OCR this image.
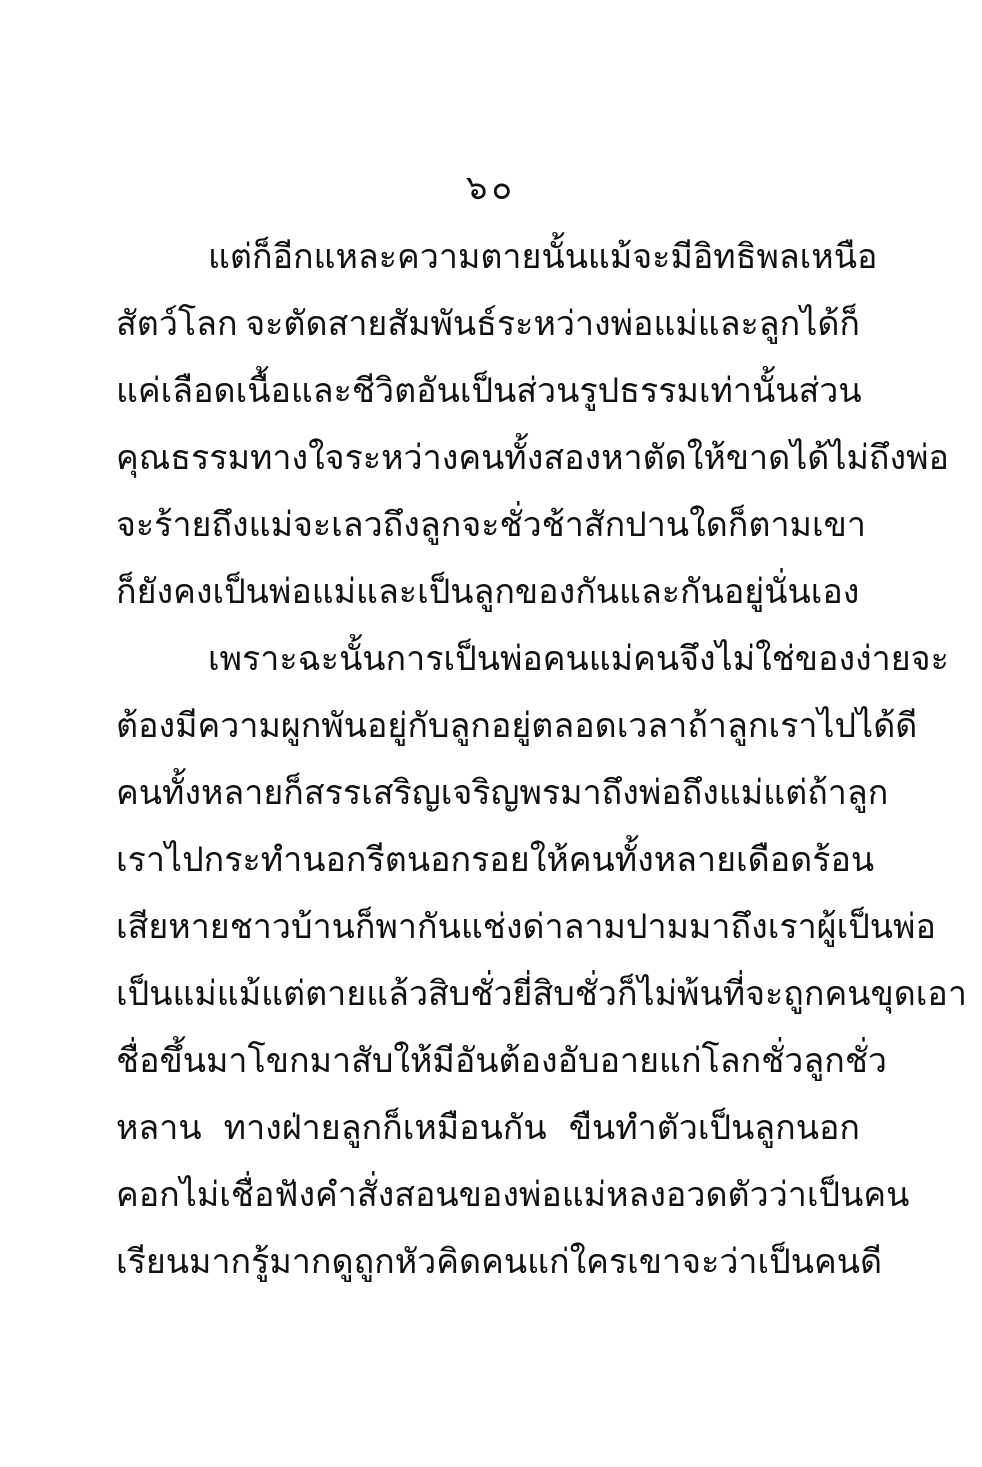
๖๐
แต่ก็อีกแหละ ความตายนั้นแม้จะมีอิทธิพลเหนือ
สัตว์โลก จะตัดสายสัมพันธ์ระหว่างพ่อแม่และลูกได้ก็
แค่เลือดเนื้อและชีวิต อันเป็นส่วนรูปธรรมเท่านั้น ส่วน
คุณธรรมทางใจระหว่างคนทั้งสองหาตัดให้ขาดได้ไม่ ถึงพ่อ
จะร้าย ถึงแม่จะเลว ถึงลูกจะชั่วช้าสักปานใดก็ตาม เขา
ก็ยังคงเป็นพ่อแม่และเป็นลูกของกันและกันอยู่นั่นเอง
เพราะฉะนั้นการเป็นพ่อคนแม่คนจึงไม่ใช่ของง่าย จะ
ต้องมีความผูกพันอยู่กับลูกอยู่ตลอดเวลา ถ้าลูกเราไปได้ดี
คนทั้งหลายก็สรรเสริญเจริญพรมาถึงพ่อถึงแม่ แต่ถ้าลูก
เราไปกระทำนอกรีตนอกรอย ให้คนทั้งหลายเดือดร้อน
เสียหาย ชาวบ้านก็พากันแช่งด่าลามปามมาถึงเราผู้เป็นพ่อ
เป็นแม่ แม้แต่ตายแล้วสิบชั่วยี่สิบชั่วก็ไม่พ้นที่จะถูกคนขุดเอา
ชื่อขึ้นมาโขกมาสับ ให้มีอันต้องอับอายแก่โลกชั่วลูกชั่ว
หลาน ทางฝ่ายลูกก็เหมือนกัน ขืนทำตัวเป็นลูกนอก
คอก ไม่เชื่อฟังคำสั่งสอนของพ่อแม่ หลงอวดตัวว่าเป็นคน
เรียนมากรู้มาก ดูถูกหัวคิดคนแก่ ใครเขาจะว่าเป็นคนดี
